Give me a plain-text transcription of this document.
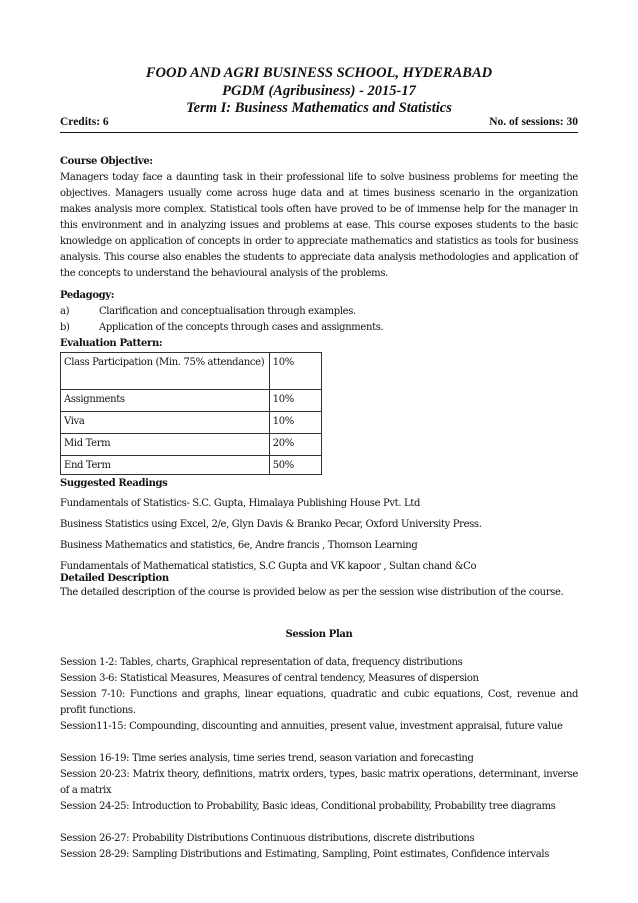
FOOD AND AGRI BUSINESS SCHOOL, HYDERABAD
PGDM (Agribusiness) - 2015-17
Term I: Business Mathematics and Statistics
Credits: 6	No. of sessions: 30
Course Objective:
Managers today face a daunting task in their professional life to solve business problems for meeting the objectives. Managers usually come across huge data and at times business scenario in the organization makes analysis more complex. Statistical tools often have proved to be of immense help for the manager in this environment and in analyzing issues and problems at ease. This course exposes students to the basic knowledge on application of concepts in order to appreciate mathematics and statistics as tools for business analysis. This course also enables the students to appreciate data analysis methodologies and application of the concepts to understand the behavioural analysis of the problems.
Pedagogy:
a)	Clarification and conceptualisation through examples.
b)	Application of the concepts through cases and assignments.
Evaluation Pattern:
Class Participation (Min. 75% attendance)	10%
Assignments	10%
Viva	10%
Mid Term	20%
End Term	50%
Suggested Readings
Fundamentals of Statistics- S.C. Gupta, Himalaya Publishing House Pvt. Ltd
Business Statistics using Excel, 2/e, Glyn Davis & Branko Pecar, Oxford University Press.
Business Mathematics and statistics, 6e, Andre francis , Thomson Learning
Fundamentals of Mathematical statistics, S.C Gupta and VK kapoor , Sultan chand &Co
Detailed Description
The detailed description of the course is provided below as per the session wise distribution of the course.
Session Plan
Session 1-2: Tables, charts, Graphical representation of data, frequency distributions
Session 3-6: Statistical Measures, Measures of central tendency, Measures of dispersion
Session 7-10: Functions and graphs, linear equations, quadratic and cubic equations, Cost, revenue and profit functions.
Session11-15: Compounding, discounting and annuities, present value, investment appraisal, future value
Session 16-19: Time series analysis, time series trend, season variation and forecasting
Session 20-23: Matrix theory, definitions, matrix orders, types, basic matrix operations, determinant, inverse of a matrix
Session 24-25: Introduction to Probability, Basic ideas, Conditional probability, Probability tree diagrams
Session 26-27: Probability Distributions Continuous distributions, discrete distributions
Session 28-29: Sampling Distributions and Estimating, Sampling, Point estimates, Confidence intervals
